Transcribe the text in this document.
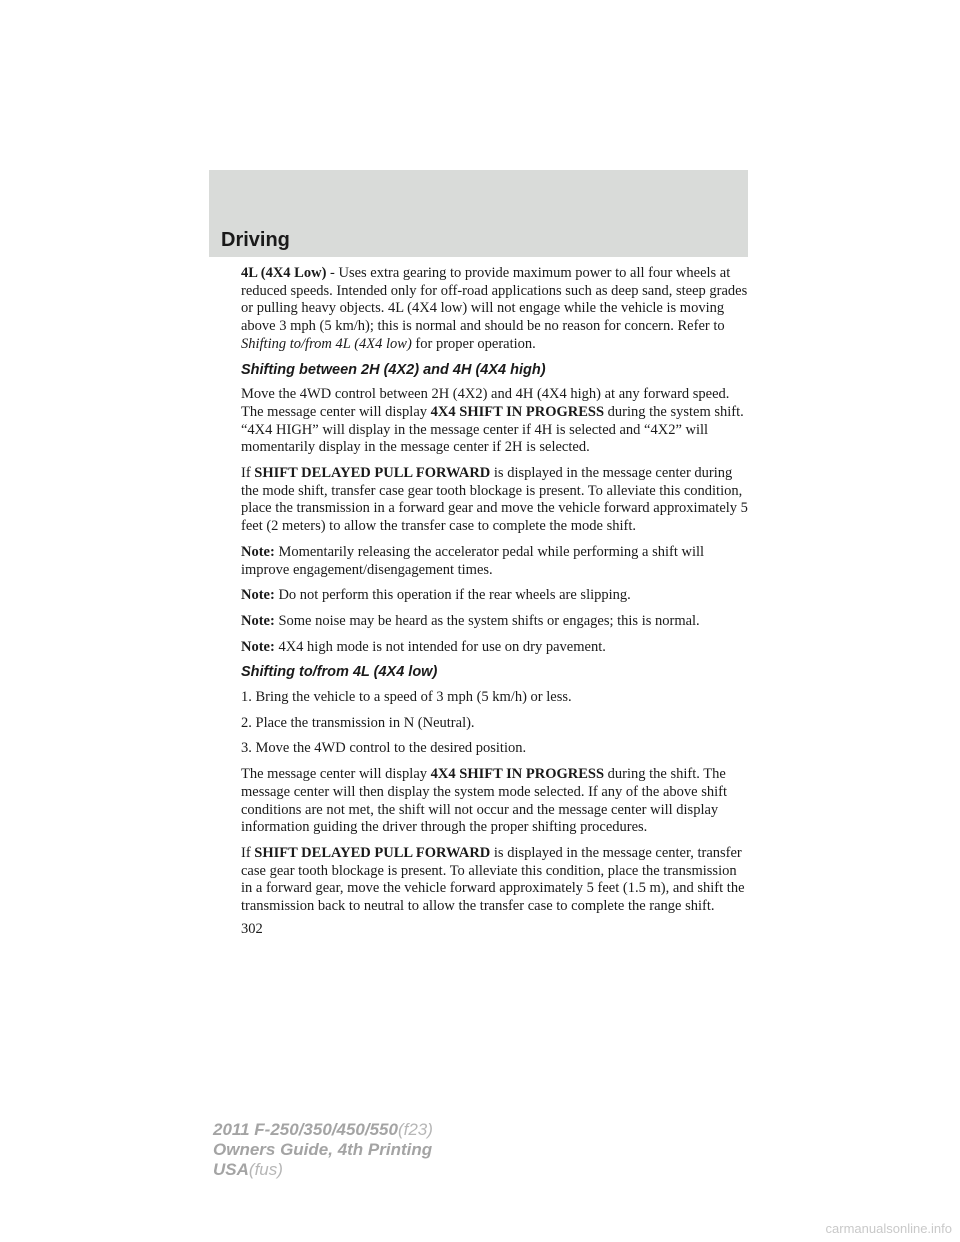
Driving

4L (4X4 Low) - Uses extra gearing to provide maximum power to all four wheels at reduced speeds. Intended only for off-road applications such as deep sand, steep grades or pulling heavy objects. 4L (4X4 low) will not engage while the vehicle is moving above 3 mph (5 km/h); this is normal and should be no reason for concern. Refer to Shifting to/from 4L (4X4 low) for proper operation.

Shifting between 2H (4X2) and 4H (4X4 high)

Move the 4WD control between 2H (4X2) and 4H (4X4 high) at any forward speed. The message center will display 4X4 SHIFT IN PROGRESS during the system shift. “4X4 HIGH” will display in the message center if 4H is selected and “4X2” will momentarily display in the message center if 2H is selected.

If SHIFT DELAYED PULL FORWARD is displayed in the message center during the mode shift, transfer case gear tooth blockage is present. To alleviate this condition, place the transmission in a forward gear and move the vehicle forward approximately 5 feet (2 meters) to allow the transfer case to complete the mode shift.

Note: Momentarily releasing the accelerator pedal while performing a shift will improve engagement/disengagement times.

Note: Do not perform this operation if the rear wheels are slipping.

Note: Some noise may be heard as the system shifts or engages; this is normal.

Note: 4X4 high mode is not intended for use on dry pavement.

Shifting to/from 4L (4X4 low)

1. Bring the vehicle to a speed of 3 mph (5 km/h) or less.

2. Place the transmission in N (Neutral).

3. Move the 4WD control to the desired position.

The message center will display 4X4 SHIFT IN PROGRESS during the shift. The message center will then display the system mode selected. If any of the above shift conditions are not met, the shift will not occur and the message center will display information guiding the driver through the proper shifting procedures.

If SHIFT DELAYED PULL FORWARD is displayed in the message center, transfer case gear tooth blockage is present. To alleviate this condition, place the transmission in a forward gear, move the vehicle forward approximately 5 feet (1.5 m), and shift the transmission back to neutral to allow the transfer case to complete the range shift.

302
2011 F-250/350/450/550(f23)
Owners Guide, 4th Printing
USA(fus)
carmanualsonline.info
